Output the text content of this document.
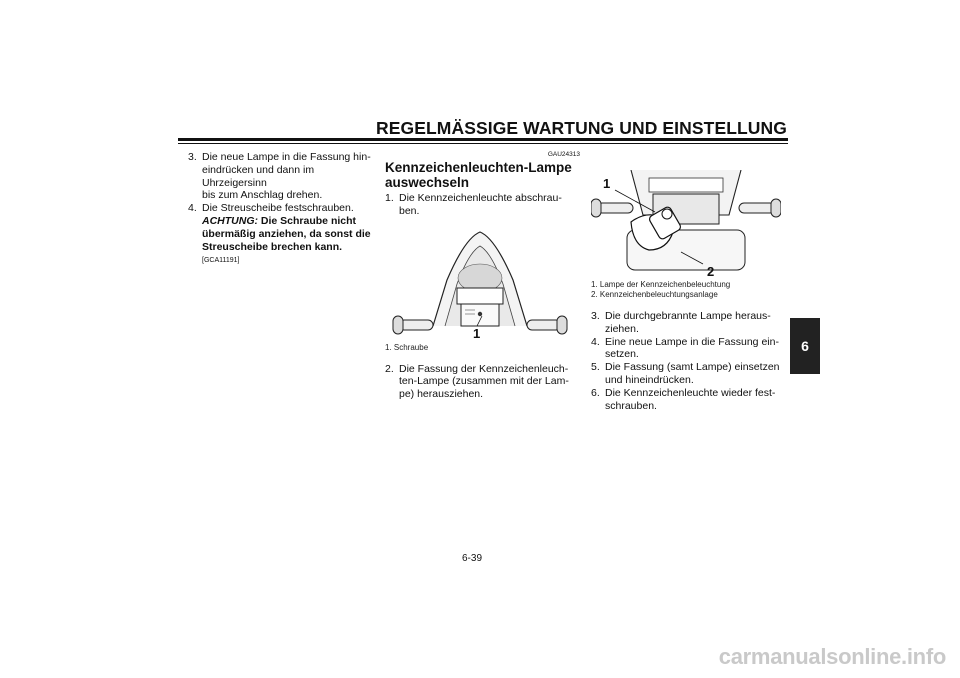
REGELMÄSSIGE WARTUNG UND EINSTELLUNG
6
3. Die neue Lampe in die Fassung hin-
eindrücken und dann im Uhrzeigersinn
bis zum Anschlag drehen.
4. Die Streuscheibe festschrauben.
ACHTUNG: Die Schraube nicht übermäßig anziehen, da sonst die Streuscheibe brechen kann. [GCA11191]
GAU24313
Kennzeichenleuchten-Lampe
auswechseln
1. Die Kennzeichenleuchte abschrau-
ben.
1
1. Schraube
2. Die Fassung der Kennzeichenleuch-
ten-Lampe (zusammen mit der Lam-
pe) herausziehen.
1
2
1. Lampe der Kennzeichenbeleuchtung
2. Kennzeichenbeleuchtungsanlage
3. Die durchgebrannte Lampe heraus-
ziehen.
4. Eine neue Lampe in die Fassung ein-
setzen.
5. Die Fassung (samt Lampe) einsetzen
und hineindrücken.
6. Die Kennzeichenleuchte wieder fest-
schrauben.
6-39
carmanualsonline.info
